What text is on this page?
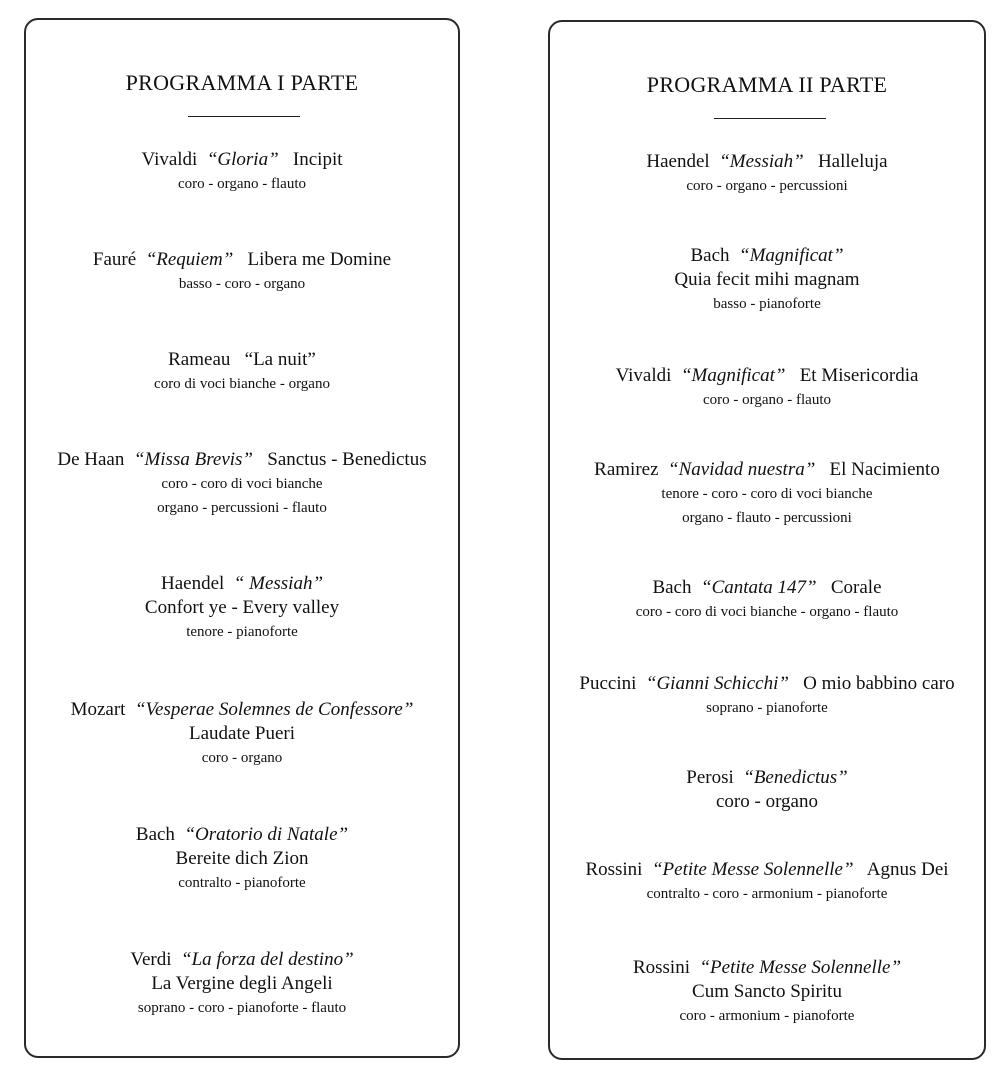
PROGRAMMA I PARTE
Vivaldi “Gloria” Incipit
coro - organo - flauto
Fauré “Requiem” Libera me Domine
basso - coro - organo
Rameau “La nuit”
coro di voci bianche - organo
De Haan “Missa Brevis” Sanctus - Benedictus
coro - coro di voci bianche
organo - percussioni - flauto
Haendel “ Messiah”
Confort ye - Every valley
tenore - pianoforte
Mozart “Vesperae Solemnes de Confessore”
Laudate Pueri
coro - organo
Bach “Oratorio di Natale”
Bereite dich Zion
contralto - pianoforte
Verdi “La forza del destino”
La Vergine degli Angeli
soprano - coro - pianoforte - flauto
PROGRAMMA II PARTE
Haendel “Messiah” Halleluja
coro - organo - percussioni
Bach “Magnificat”
Quia fecit mihi magnam
basso - pianoforte
Vivaldi “Magnificat” Et Misericordia
coro - organo - flauto
Ramirez “Navidad nuestra” El Nacimiento
tenore - coro - coro di voci bianche
organo - flauto - percussioni
Bach “Cantata 147” Corale
coro - coro di voci bianche - organo - flauto
Puccini “Gianni Schicchi” O mio babbino caro
soprano - pianoforte
Perosi “Benedictus”
coro - organo
Rossini “Petite Messe Solennelle” Agnus Dei
contralto - coro - armonium - pianoforte
Rossini “Petite Messe Solennelle”
Cum Sancto Spiritu
coro - armonium - pianoforte
